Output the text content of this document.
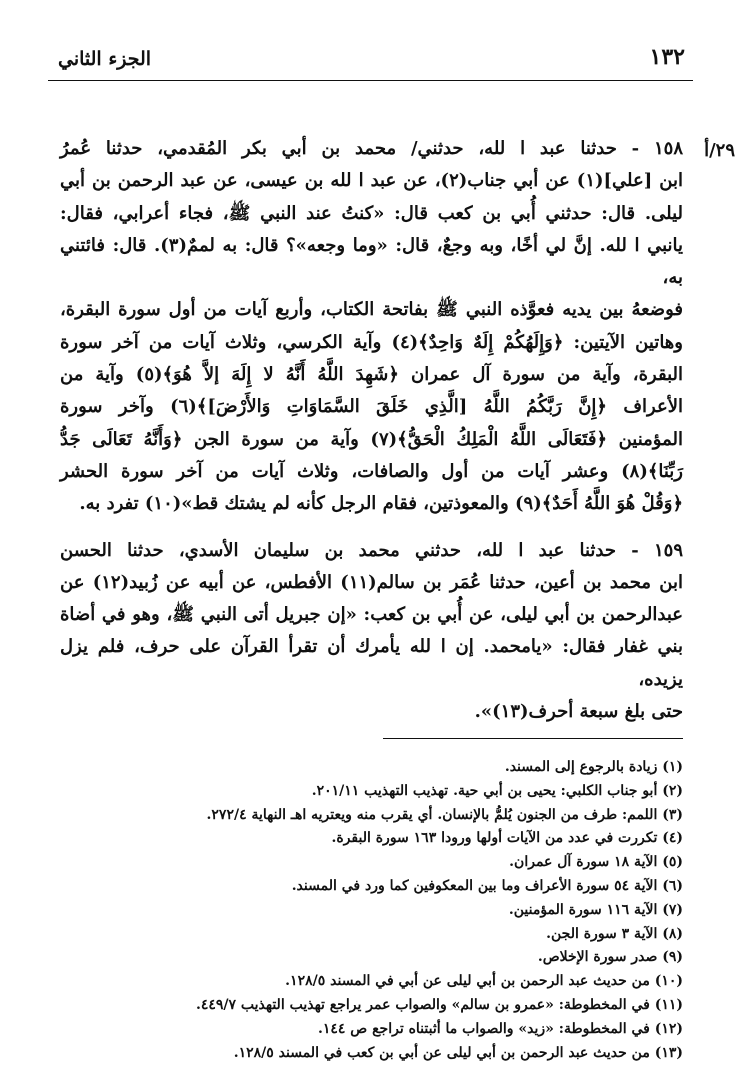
الجزء الثاني	١٣٢
٢٩/أ
١٥٨ - حدثنا عبد ا لله، حدثني/ محمد بن أبي بكر المُقدمي، حدثنا عُمرُ
ابن [علي](١) عن أبي جناب(٢)، عن عبد ا لله بن عيسى، عن عبد الرحمن بن أبي
ليلى. قال: حدثني أُبي بن كعب قال: «كنتُ عند النبي ﷺ، فجاء أعرابي، فقال:
يانبي ا لله. إنَّ لي أخًا، وبه وجعٌ، قال: «وما وجعه»؟ قال: به لممٌ(٣). قال: فائتني به،
فوضعهُ بين يديه فعوَّذه النبي ﷺ بفاتحة الكتاب، وأربع آيات من أول سورة البقرة،
وهاتين الآيتين: ﴿وَإِلَهُكُمْ إِلَهٌ وَاحِدٌ﴾(٤) وآية الكرسي، وثلاث آيات من آخر سورة
البقرة، وآية من سورة آل عمران ﴿شَهِدَ اللَّهُ أَنَّهُ لا إِلَهَ إلاَّ هُوَ﴾(٥) وآية من
الأعراف ﴿إِنَّ رَبَّكُمُ اللَّهُ [الَّذِي خَلَقَ السَّمَاوَاتِ وَالأَرْضَ]﴾(٦) وآخر سورة
المؤمنين ﴿فَتَعَالَى اللَّهُ الْمَلِكُ الْحَقُّ﴾(٧) وآية من سورة الجن ﴿وَأَنَّهُ تَعَالَى جَدُّ
رَبِّنَا﴾(٨) وعشر آيات من أول والصافات، وثلاث آيات من آخر سورة الحشر
﴿وَقُلْ هُوَ اللَّهُ أَحَدٌ﴾(٩) والمعوذتين، فقام الرجل كأنه لم يشتك قط»(١٠) تفرد به.
١٥٩ - حدثنا عبد ا لله، حدثني محمد بن سليمان الأسدي، حدثنا الحسن
ابن محمد بن أعين، حدثنا عُمَر بن سالم(١١) الأفطس، عن أبيه عن زُبيد(١٢) عن
عبدالرحمن بن أبي ليلى، عن أُبي بن كعب: «إن جبريل أتى النبي ﷺ، وهو في أضاة
بني غفار فقال: «يامحمد. إن ا لله يأمرك أن تقرأ القرآن على حرف، فلم يزل يزيده،
حتى بلغ سبعة أحرف(١٣)».
(١) زيادة بالرجوع إلى المسند.
(٢) أبو جناب الكلبي: يحيى بن أبي حية. تهذيب التهذيب ٢٠١/١١.
(٣) اللمم: طرف من الجنون يُلمُّ بالإنسان. أي يقرب منه ويعتريه اهـ النهاية ٢٧٢/٤.
(٤) تكررت في عدد من الآيات أولها ورودا ١٦٣ سورة البقرة.
(٥) الآية ١٨ سورة آل عمران.
(٦) الآية ٥٤ سورة الأعراف وما بين المعكوفين كما ورد في المسند.
(٧) الآية ١١٦ سورة المؤمنين.
(٨) الآية ٣ سورة الجن.
(٩) صدر سورة الإخلاص.
(١٠) من حديث عبد الرحمن بن أبي ليلى عن أبي في المسند ١٢٨/٥.
(١١) في المخطوطة: «عمرو بن سالم» والصواب عمر يراجع تهذيب التهذيب ٤٤٩/٧.
(١٢) في المخطوطة: «زيد» والصواب ما أثبتناه تراجع ص ١٤٤.
(١٣) من حديث عبد الرحمن بن أبي ليلى عن أبي بن كعب في المسند ١٢٨/٥.
